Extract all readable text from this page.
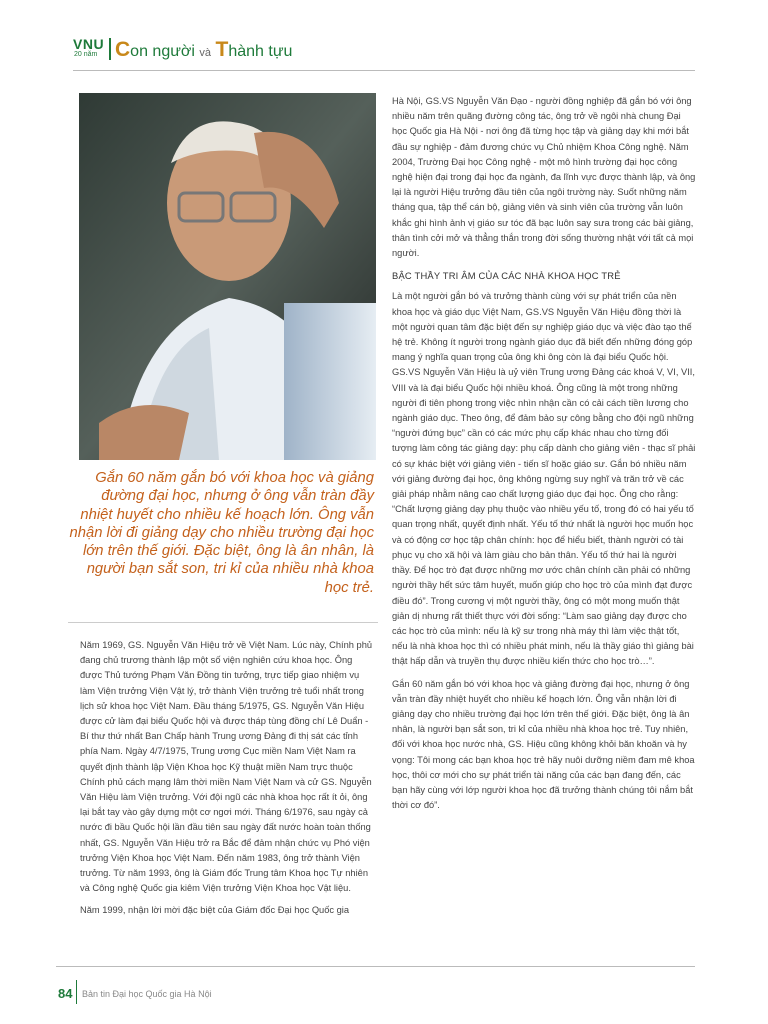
VNU
20 năm Con người và Thành tựu

Gắn 60 năm gắn bó với khoa học và giảng đường đại học, nhưng ở ông vẫn tràn đầy nhiệt huyết cho nhiều kế hoạch lớn. Ông vẫn nhận lời đi giảng dạy cho nhiều trường đại học lớn trên thế giới. Đặc biệt, ông là ân nhân, là người bạn sắt son, tri kỉ của nhiều nhà khoa học trẻ.

Năm 1969, GS. Nguyễn Văn Hiệu trở về Việt Nam. Lúc này, Chính phủ đang chủ trương thành lập một số viện nghiên cứu khoa học. Ông được Thủ tướng Phạm Văn Đồng tin tưởng, trực tiếp giao nhiệm vụ làm Viện trưởng Viện Vật lý, trở thành Viện trưởng trẻ tuổi nhất trong lịch sử khoa học Việt Nam. Đầu tháng 5/1975, GS. Nguyễn Văn Hiệu được cử làm đại biểu Quốc hội và được tháp tùng đồng chí Lê Duẩn - Bí thư thứ nhất Ban Chấp hành Trung ương Đảng đi thị sát các tỉnh phía Nam. Ngày 4/7/1975, Trung ương Cục miền Nam Việt Nam ra quyết định thành lập Viện Khoa học Kỹ thuật miền Nam trực thuộc Chính phủ cách mạng lâm thời miền Nam Việt Nam và cử GS. Nguyễn Văn Hiệu làm Viện trưởng. Với đội ngũ các nhà khoa học rất ít ỏi, ông lại bắt tay vào gây dựng một cơ ngơi mới. Tháng 6/1976, sau ngày cả nước đi bầu Quốc hội lần đầu tiên sau ngày đất nước hoàn toàn thống nhất, GS. Nguyễn Văn Hiệu trở ra Bắc để đảm nhận chức vụ Phó viện trưởng Viện Khoa học Việt Nam. Đến năm 1983, ông trở thành Viện trưởng. Từ năm 1993, ông là Giám đốc Trung tâm Khoa học Tự nhiên và Công nghệ Quốc gia kiêm Viện trưởng Viện Khoa học Vật liệu.

Năm 1999, nhận lời mời đặc biệt của Giám đốc Đại học Quốc gia

Hà Nội, GS.VS Nguyễn Văn Đạo - người đồng nghiệp đã gắn bó với ông nhiều năm trên quãng đường công tác, ông trở về ngôi nhà chung Đại học Quốc gia Hà Nội - nơi ông đã từng học tập và giảng dạy khi mới bắt đầu sự nghiệp - đảm đương chức vụ Chủ nhiệm Khoa Công nghệ. Năm 2004, Trường Đại học Công nghệ - một mô hình trường đại học công nghệ hiện đại trong đại học đa ngành, đa lĩnh vực được thành lập, và ông lại là người Hiệu trưởng đầu tiên của ngôi trường này. Suốt những năm tháng qua, tập thể cán bộ, giảng viên và sinh viên của trường vẫn luôn khắc ghi hình ảnh vị giáo sư tóc đã bạc luôn say sưa trong các bài giảng, thân tình cởi mở và thẳng thắn trong đời sống thường nhật với tất cả mọi người.

BẬC THẦY TRI ÂM CỦA CÁC NHÀ KHOA HỌC TRẺ

Là một người gắn bó và trưởng thành cùng với sự phát triển của nền khoa học và giáo dục Việt Nam, GS.VS Nguyễn Văn Hiệu đồng thời là một người quan tâm đặc biệt đến sự nghiệp giáo dục và việc đào tạo thế hệ trẻ. Không ít người trong ngành giáo dục đã biết đến những đóng góp mang ý nghĩa quan trọng của ông khi ông còn là đại biểu Quốc hội. GS.VS Nguyễn Văn Hiệu là uỷ viên Trung ương Đảng các khoá V, VI, VII, VIII và là đại biểu Quốc hội nhiều khoá. Ông cũng là một trong những người đi tiên phong trong việc nhìn nhận cần có cải cách tiền lương cho ngành giáo dục. Theo ông, để đảm bảo sự công bằng cho đội ngũ những “người đứng bục” cần có các mức phụ cấp khác nhau cho từng đối tượng làm công tác giảng dạy: phụ cấp dành cho giảng viên - thạc sĩ phải có sự khác biệt với giảng viên - tiến sĩ hoặc giáo sư. Gắn bó nhiều năm với giảng đường đại học, ông không ngừng suy nghĩ và trăn trở về các giải pháp nhằm nâng cao chất lượng giáo dục đại học. Ông cho rằng: “Chất lượng giảng dạy phụ thuộc vào nhiều yếu tố, trong đó có hai yếu tố quan trọng nhất, quyết định nhất. Yếu tố thứ nhất là người học muốn học và có động cơ học tập chân chính: học để hiểu biết, thành người có tài phục vụ cho xã hội và làm giàu cho bản thân. Yếu tố thứ hai là người thầy. Để học trò đạt được những mơ ước chân chính cần phải có những người thầy hết sức tâm huyết, muốn giúp cho học trò của mình đạt được điều đó”. Trong cương vị một người thầy, ông có một mong muốn thật giản dị nhưng rất thiết thực với đời sống: “Làm sao giảng dạy được cho các học trò của mình: nếu là kỹ sư trong nhà máy thì làm việc thật tốt, nếu là nhà khoa học thì có nhiều phát minh, nếu là thầy giáo thì giảng bài thật hấp dẫn và truyền thụ được nhiều kiến thức cho học trò…”.

Gắn 60 năm gắn bó với khoa học và giảng đường đại học, nhưng ở ông vẫn tràn đầy nhiệt huyết cho nhiều kế hoạch lớn. Ông vẫn nhận lời đi giảng dạy cho nhiều trường đại học lớn trên thế giới. Đặc biệt, ông là ân nhân, là người bạn sắt son, tri kỉ của nhiều nhà khoa học trẻ. Tuy nhiên, đối với khoa học nước nhà, GS. Hiệu cũng không khỏi băn khoăn và hy vọng: Tôi mong các bạn khoa học trẻ hãy nuôi dưỡng niềm đam mê khoa học, thôi cơ mới cho sự phát triển tài năng của các bạn đang đến, các bạn hãy cùng với lớp người khoa học đã trưởng thành chúng tôi nắm bắt thời cơ đó”.

84 Bản tin Đại học Quốc gia Hà Nội
